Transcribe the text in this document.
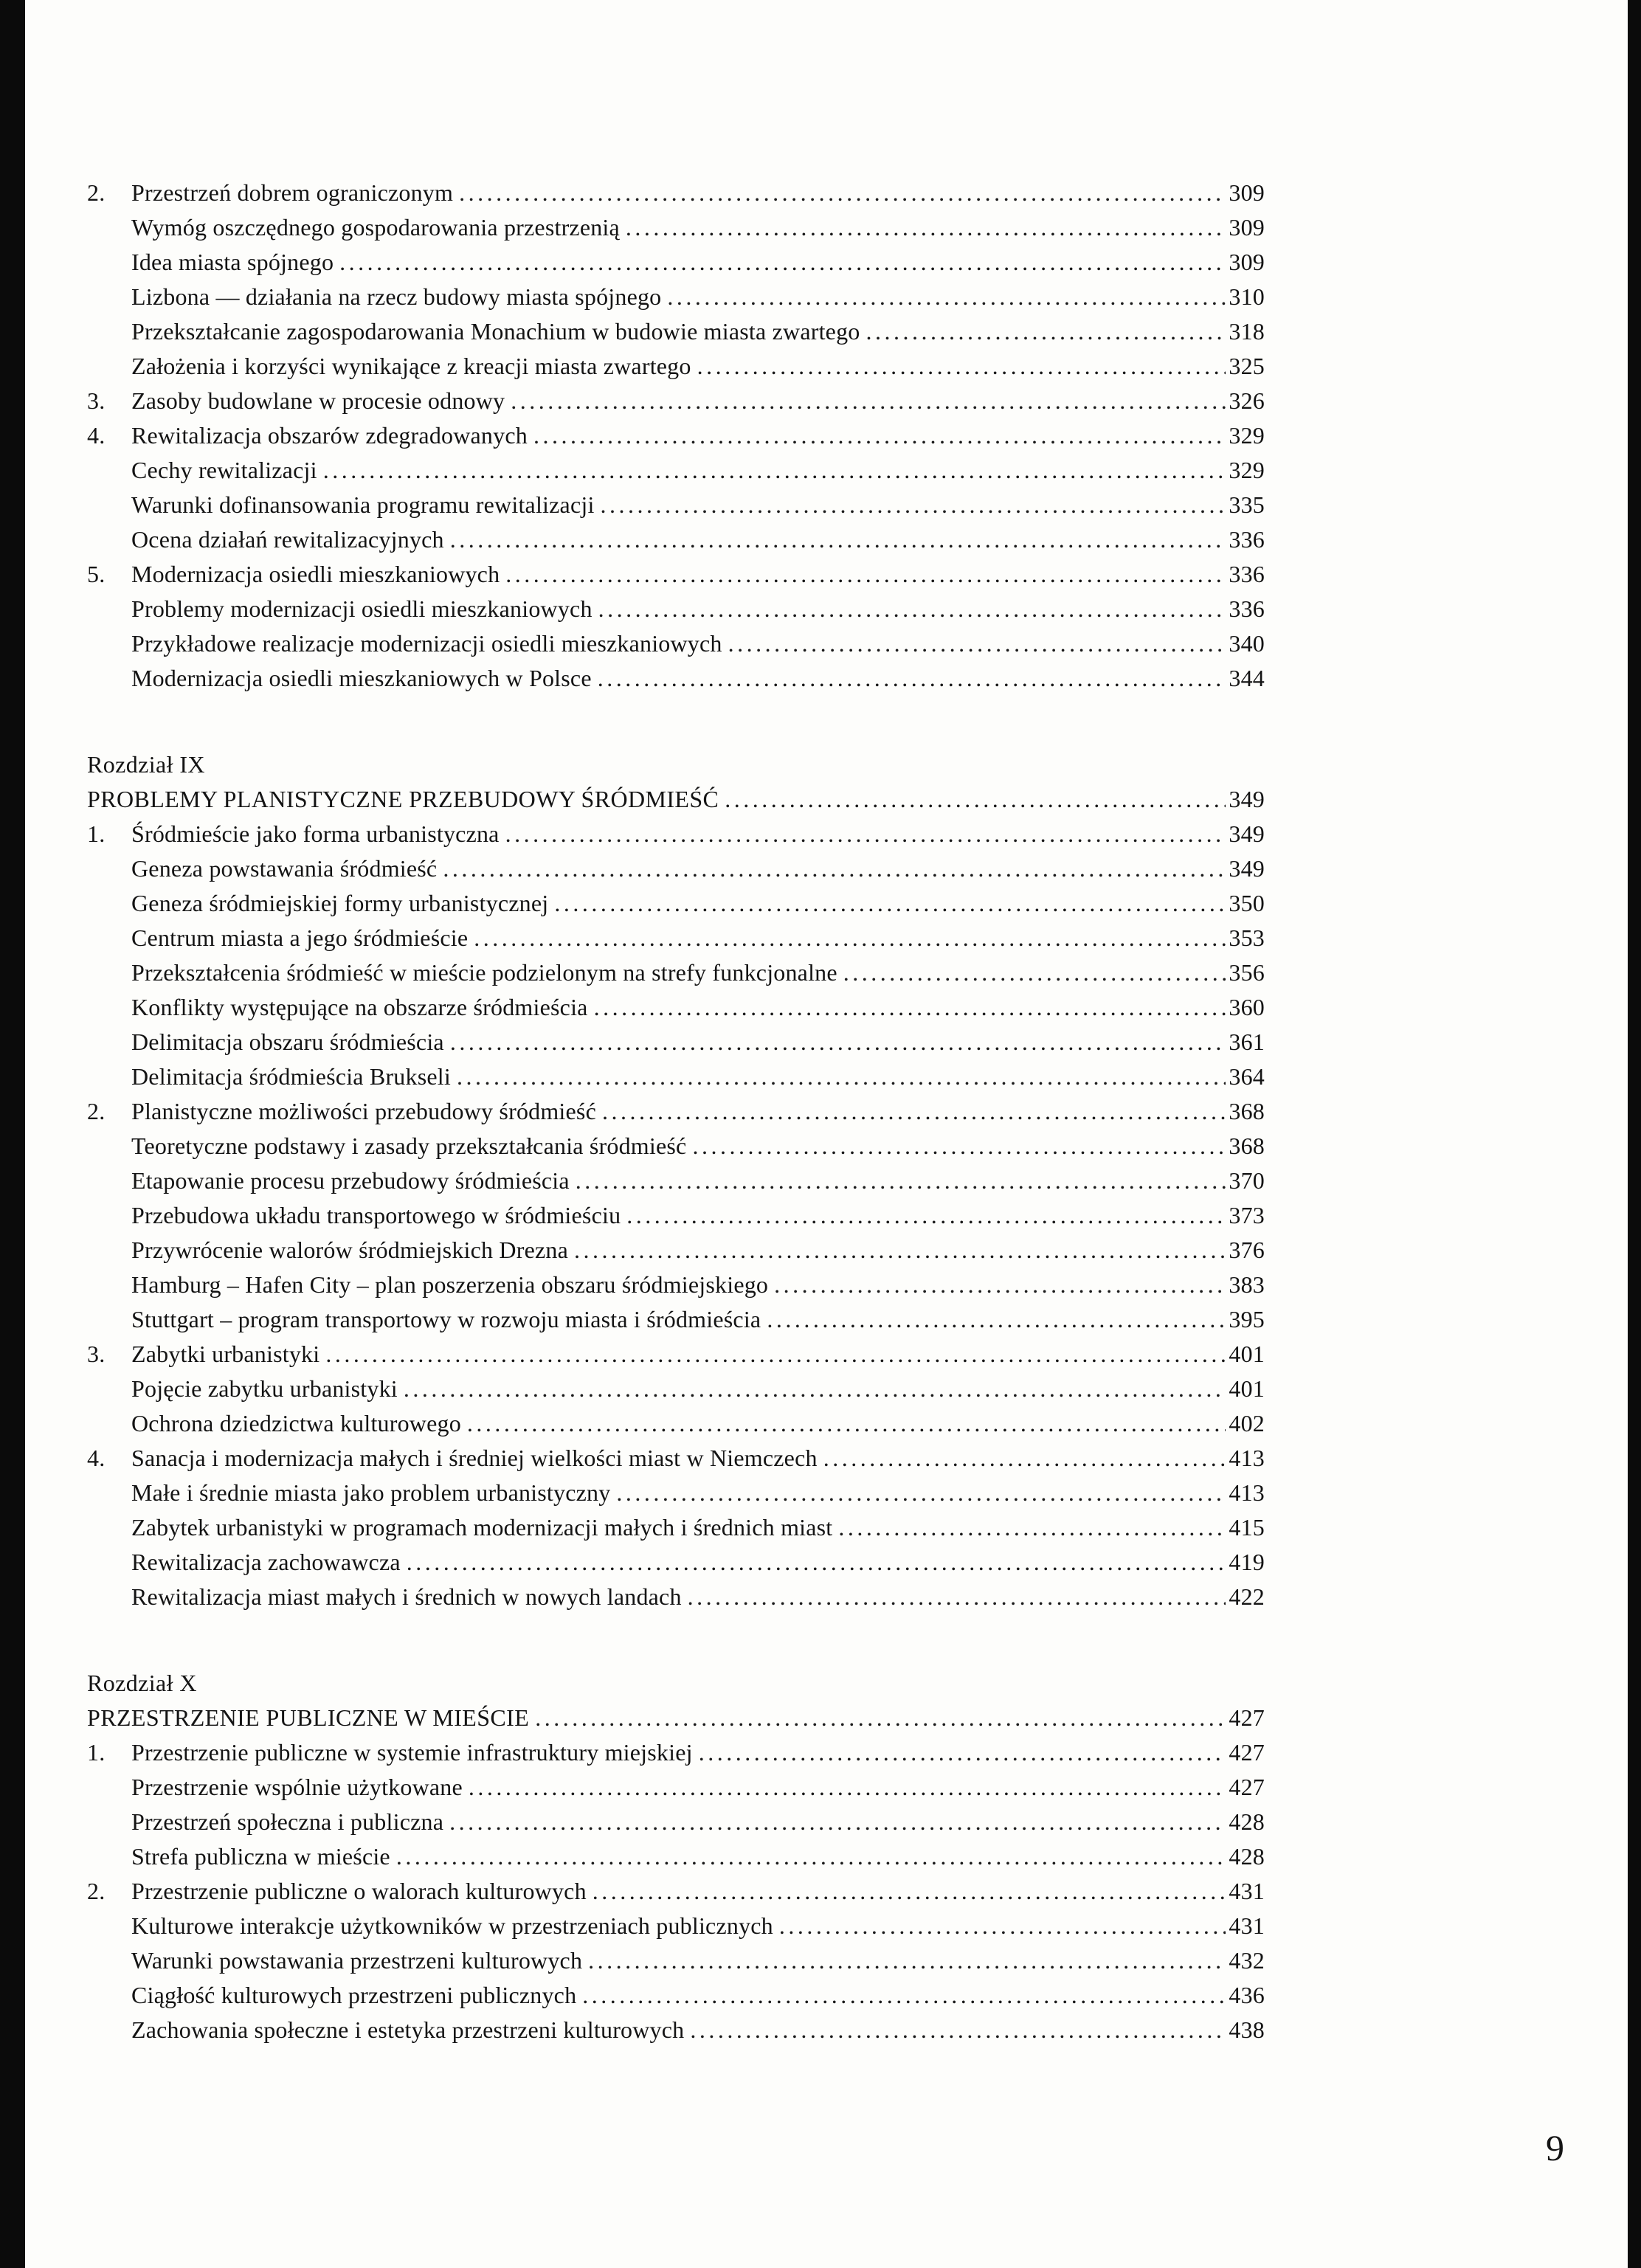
2.	Przestrzeń dobrem ograniczonym .....	309
Wymóg oszczędnego gospodarowania przestrzenią .....	309
Idea miasta spójnego .....	309
Lizbona — działania na rzecz budowy miasta spójnego .....	310
Przekształcanie zagospodarowania Monachium w budowie miasta zwartego .....	318
Założenia i korzyści wynikające z kreacji miasta zwartego .....	325
3.	Zasoby budowlane w procesie odnowy .....	326
4.	Rewitalizacja obszarów zdegradowanych .....	329
Cechy rewitalizacji .....	329
Warunki dofinansowania programu rewitalizacji .....	335
Ocena działań rewitalizacyjnych .....	336
5.	Modernizacja osiedli mieszkaniowych .....	336
Problemy modernizacji osiedli mieszkaniowych .....	336
Przykładowe realizacje modernizacji osiedli mieszkaniowych .....	340
Modernizacja osiedli mieszkaniowych w Polsce .....	344
Rozdział IX
PROBLEMY PLANISTYCZNE PRZEBUDOWY ŚRÓDMIEŚĆ .....	349
1.	Śródmieście jako forma urbanistyczna .....	349
Geneza powstawania śródmieść .....	349
Geneza śródmiejskiej formy urbanistycznej .....	350
Centrum miasta a jego śródmieście .....	353
Przekształcenia śródmieść w mieście podzielonym na strefy funkcjonalne .....	356
Konflikty występujące na obszarze śródmieścia .....	360
Delimitacja obszaru śródmieścia .....	361
Delimitacja śródmieścia Brukseli .....	364
2.	Planistyczne możliwości przebudowy śródmieść .....	368
Teoretyczne podstawy i zasady przekształcania śródmieść .....	368
Etapowanie procesu przebudowy śródmieścia .....	370
Przebudowa układu transportowego w śródmieściu .....	373
Przywrócenie walorów śródmiejskich Drezna .....	376
Hamburg – Hafen City – plan poszerzenia obszaru śródmiejskiego .....	383
Stuttgart – program transportowy w rozwoju miasta i śródmieścia .....	395
3.	Zabytki urbanistyki .....	401
Pojęcie zabytku urbanistyki .....	401
Ochrona dziedzictwa kulturowego .....	402
4.	Sanacja i modernizacja małych i średniej wielkości miast w Niemczech .....	413
Małe i średnie miasta jako problem urbanistyczny .....	413
Zabytek urbanistyki w programach modernizacji małych i średnich miast .....	415
Rewitalizacja zachowawcza .....	419
Rewitalizacja miast małych i średnich w nowych landach .....	422
Rozdział X
PRZESTRZENIE PUBLICZNE W MIEŚCIE .....	427
1.	Przestrzenie publiczne w systemie infrastruktury miejskiej .....	427
Przestrzenie wspólnie użytkowane .....	427
Przestrzeń społeczna i publiczna .....	428
Strefa publiczna w mieście .....	428
2.	Przestrzenie publiczne o walorach kulturowych .....	431
Kulturowe interakcje użytkowników w przestrzeniach publicznych .....	431
Warunki powstawania przestrzeni kulturowych .....	432
Ciągłość kulturowych przestrzeni publicznych .....	436
Zachowania społeczne i estetyka przestrzeni kulturowych .....	438
9
